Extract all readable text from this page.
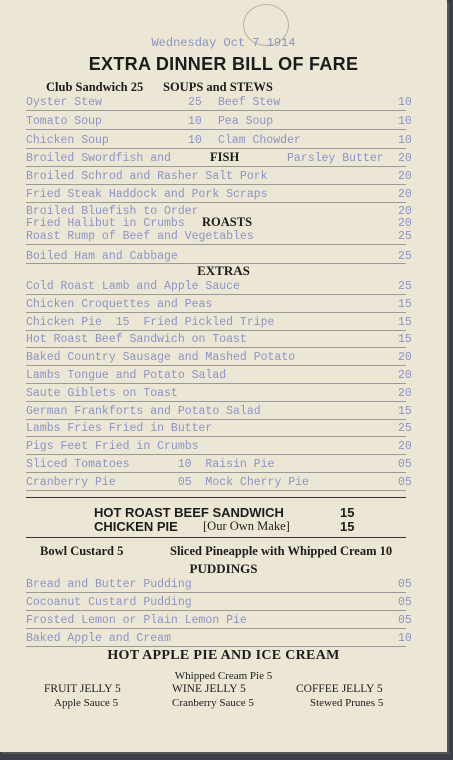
Wednesday Oct 7 1914
EXTRA DINNER BILL OF FARE
Club Sandwich 25 SOUPS and STEWS
Oyster Stew	25 Beef Stew	10
Tomato Soup	10 Pea Soup	10
Chicken Soup	10 Clam Chowder	10
Broiled Swordfish and	FISH	Parsley Butter 20
Broiled Schrod and Rasher Salt Pork	20
Fried Steak Haddock and Pork Scraps	20
Broiled Bluefish to Order	20
Fried Halibut in Crumbs ROASTS	20
Roast Rump of Beef and Vegetables	25
Boiled Ham and Cabbage	25
EXTRAS
Cold Roast Lamb and Apple Sauce	25
Chicken Croquettes and Peas	15
Chicken Pie  15  Fried Pickled Tripe	15
Hot Roast Beef Sandwich on Toast	15
Baked Country Sausage and Mashed Potato	20
Lambs Tongue and Potato Salad	20
Saute Giblets on Toast	20
German Frankforts and Potato Salad	15
Lambs Fries Fried in Butter	25
Pigs Feet Fried in Crumbs	20
Sliced Tomatoes       10  Raisin Pie	05
Cranberry Pie         05  Mock Cherry Pie	05
HOT ROAST BEEF SANDWICH	15
CHICKEN PIE [Our Own Make]	15
Bowl Custard 5	Sliced Pineapple with Whipped Cream 10
PUDDINGS
Bread and Butter Pudding	05
Cocoanut Custard Pudding	05
Frosted Lemon or Plain Lemon Pie	05
Baked Apple and Cream	10
HOT APPLE PIE AND ICE CREAM
Whipped Cream Pie 5
FRUIT JELLY 5	WINE JELLY 5	COFFEE JELLY 5
Apple Sauce 5	Cranberry Sauce 5	Stewed Prunes 5
